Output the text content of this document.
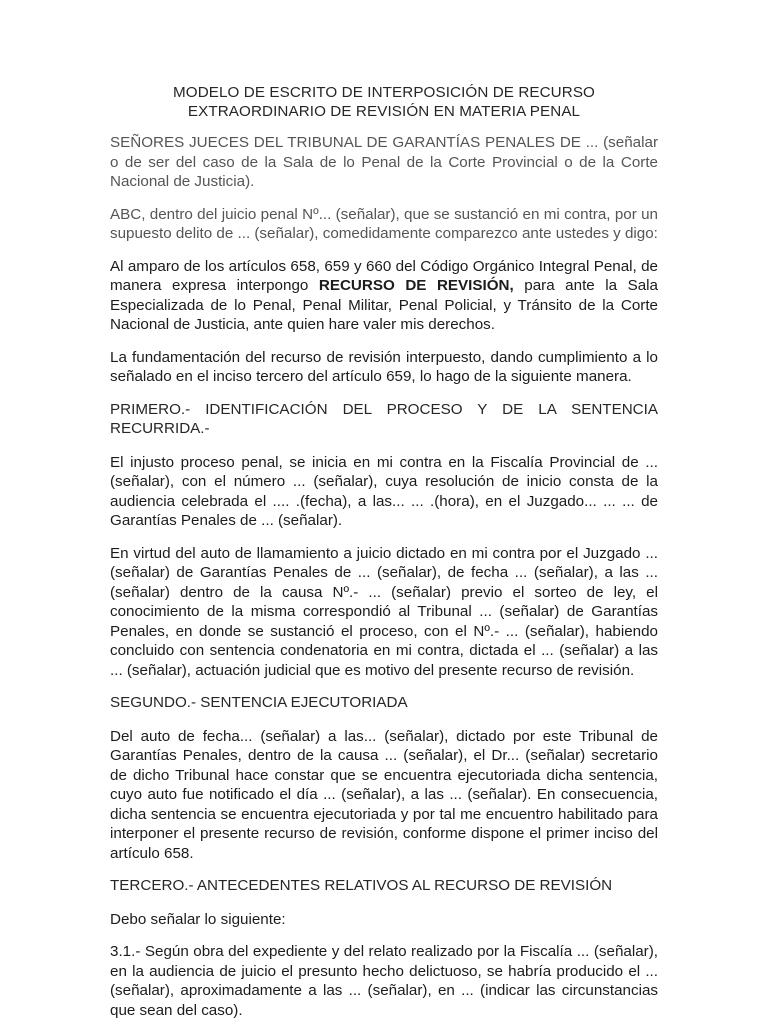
MODELO DE ESCRITO DE INTERPOSICIÓN DE RECURSO
EXTRAORDINARIO DE REVISIÓN EN MATERIA PENAL

SEÑORES JUECES DEL TRIBUNAL DE GARANTÍAS PENALES DE ... (señalar o de ser del caso de la Sala de lo Penal de la Corte Provincial o de la Corte Nacional de Justicia).

ABC, dentro del juicio penal Nº... (señalar), que se sustanció en mi contra, por un supuesto delito de ... (señalar), comedidamente comparezco ante ustedes y digo:

Al amparo de los artículos 658, 659 y 660 del Código Orgánico Integral Penal, de manera expresa interpongo RECURSO DE REVISIÓN, para ante la Sala Especializada de lo Penal, Penal Militar, Penal Policial, y Tránsito de la Corte Nacional de Justicia, ante quien hare valer mis derechos.

La fundamentación del recurso de revisión interpuesto, dando cumplimiento a lo señalado en el inciso tercero del artículo 659, lo hago de la siguiente manera.

PRIMERO.- IDENTIFICACIÓN DEL PROCESO Y DE LA SENTENCIA RECURRIDA.-

El injusto proceso penal, se inicia en mi contra en la Fiscalía Provincial de ... (señalar), con el número ... (señalar), cuya resolución de inicio consta de la audiencia celebrada el .... .(fecha), a las... ... .(hora), en el Juzgado... ... ... de Garantías Penales de ... (señalar).

En virtud del auto de llamamiento a juicio dictado en mi contra por el Juzgado ... (señalar) de Garantías Penales de ... (señalar), de fecha ... (señalar), a las ... (señalar) dentro de la causa Nº.- ... (señalar) previo el sorteo de ley, el conocimiento de la misma correspondió al Tribunal ... (señalar) de Garantías Penales, en donde se sustanció el proceso, con el Nº.- ... (señalar), habiendo concluido con sentencia condenatoria en mi contra, dictada el ... (señalar) a las ... (señalar), actuación judicial que es motivo del presente recurso de revisión.

SEGUNDO.- SENTENCIA EJECUTORIADA

Del auto de fecha... (señalar) a las... (señalar), dictado por este Tribunal de Garantías Penales, dentro de la causa ... (señalar), el Dr... (señalar) secretario de dicho Tribunal hace constar que se encuentra ejecutoriada dicha sentencia, cuyo auto fue notificado el día ... (señalar), a las ... (señalar). En consecuencia, dicha sentencia se encuentra ejecutoriada y por tal me encuentro habilitado para interponer el presente recurso de revisión, conforme dispone el primer inciso del artículo 658.

TERCERO.- ANTECEDENTES RELATIVOS AL RECURSO DE REVISIÓN

Debo señalar lo siguiente:

3.1.- Según obra del expediente y del relato realizado por la Fiscalía ... (señalar), en la audiencia de juicio el presunto hecho delictuoso, se habría producido el ... (señalar), aproximadamente a las ... (señalar), en ... (indicar las circunstancias que sean del caso).
